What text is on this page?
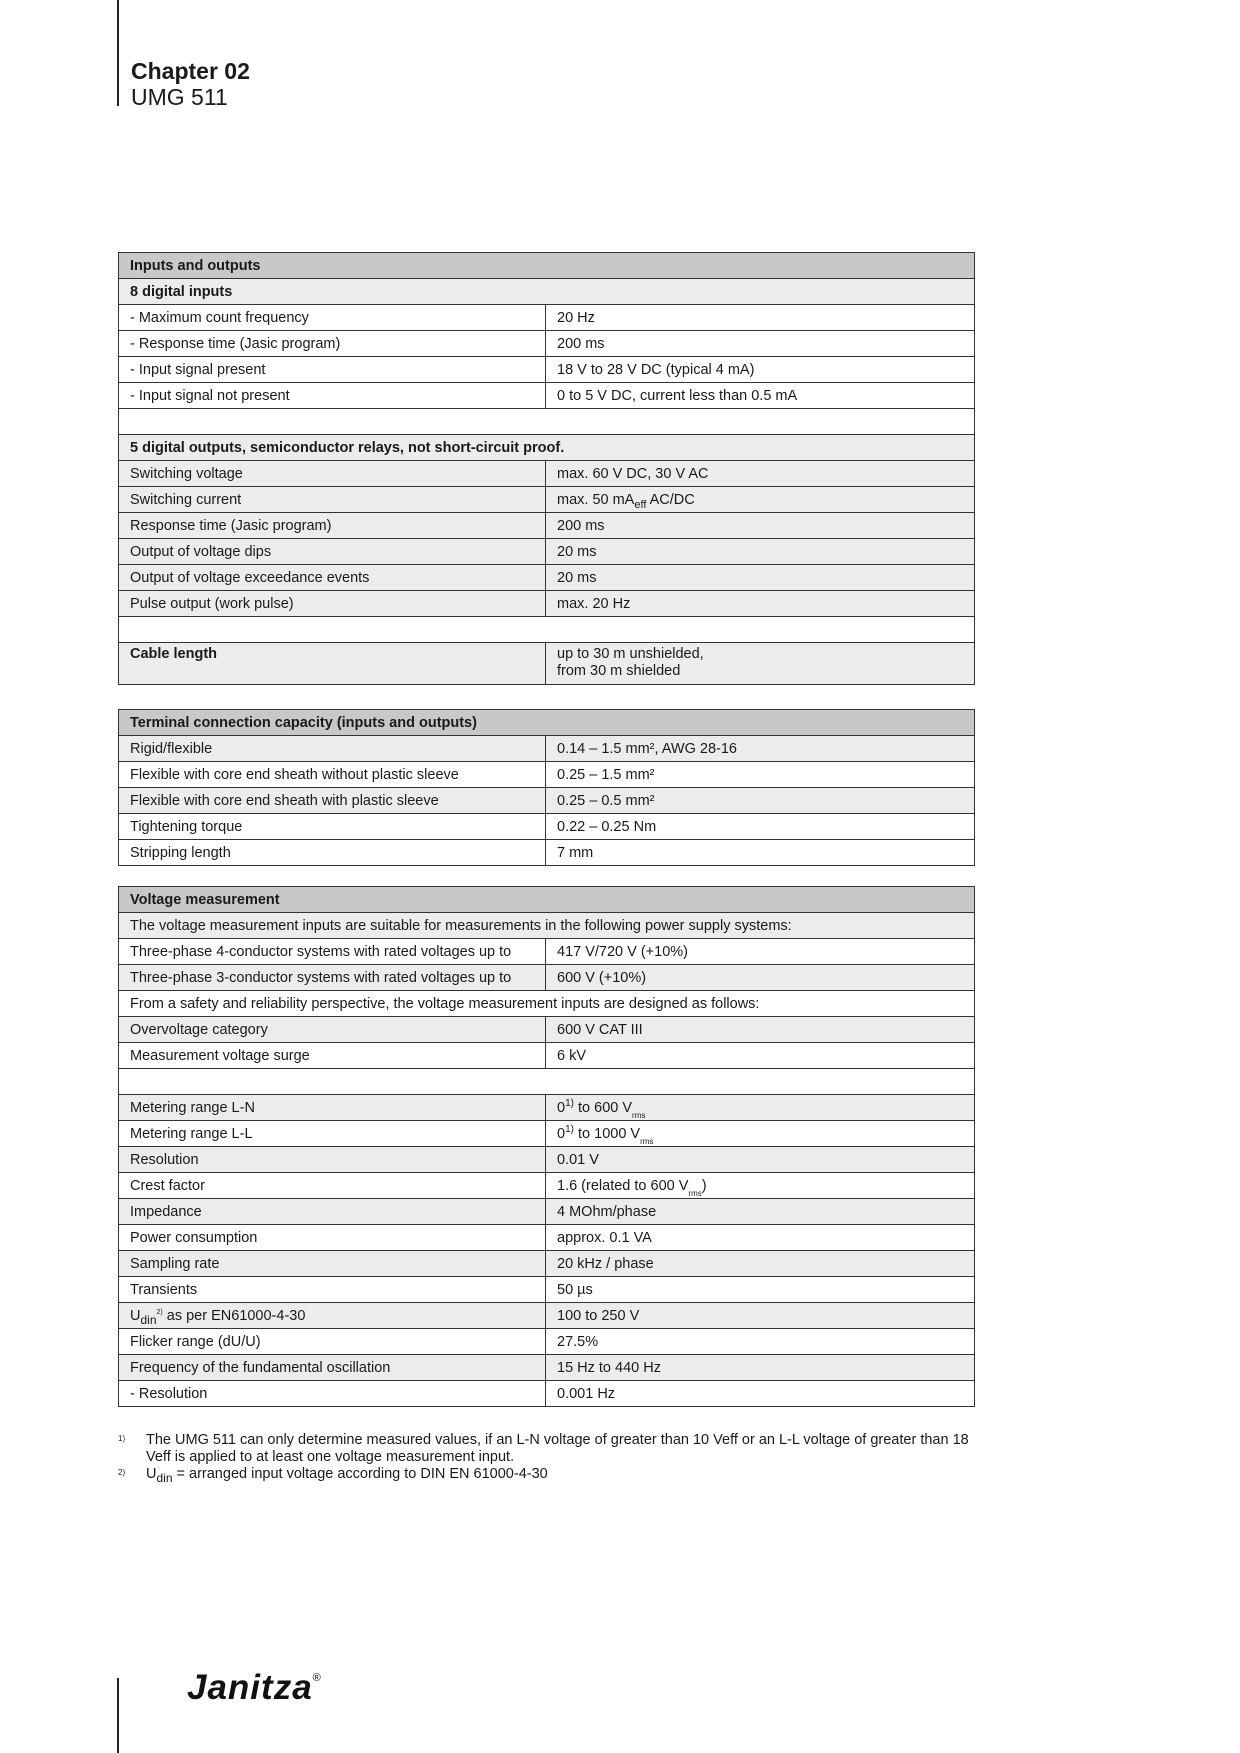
Chapter 02
UMG 511
Inputs and outputs	
8 digital inputs	
- Maximum count frequency	20 Hz
- Response time (Jasic program)	200 ms
- Input signal present	18 V to 28 V DC (typical 4 mA)
- Input signal not present	0 to 5 V DC, current less than 0.5 mA

5 digital outputs, semiconductor relays, not short-circuit proof.	
Switching voltage	max. 60 V DC, 30 V AC
Switching current	max. 50 $mA_{eff}$ AC/DC
Response time (Jasic program)	200 ms
Output of voltage dips	20 ms
Output of voltage exceedance events	20 ms
Pulse output (work pulse)	max. 20 Hz

Cable length	up to 30 m unshielded,
from 30 m shielded
Terminal connection capacity (inputs and outputs)	
Rigid/flexible	0.14 – 1.5 mm², AWG 28-16
Flexible with core end sheath without plastic sleeve	0.25 – 1.5 mm²
Flexible with core end sheath with plastic sleeve	0.25 – 0.5 mm²
Tightening torque	0.22 – 0.25 Nm
Stripping length	7 mm
Voltage measurement	
The voltage measurement inputs are suitable for measurements in the following power supply systems:	
Three-phase 4-conductor systems with rated voltages up to	417 V/720 V (+10%)
Three-phase 3-conductor systems with rated voltages up to	600 V (+10%)
From a safety and reliability perspective, the voltage measurement inputs are designed as follows:	
Overvoltage category	600 V CAT III
Measurement voltage surge	6 kV

Metering range L-N	0$^{1)}$ to 600 $V_{rms}$
Metering range L-L	0$^{1)}$ to 1000 $V_{rms}$
Resolution	0.01 V
Crest factor	1.6 (related to 600 $V_{rms}$)
Impedance	4 MOhm/phase
Power consumption	approx. 0.1 VA
Sampling rate	20 kHz / phase
Transients	50 µs
$U_{din}^{2)}$ as per EN61000-4-30	100 to 250 V
Flicker range (dU/U)	27.5%
Frequency of the fundamental oscillation	15 Hz to 440 Hz
- Resolution	0.001 Hz
1) The UMG 511 can only determine measured values, if an L-N voltage of greater than 10 Veff or an L-L voltage of greater than 18 Veff is applied to at least one voltage measurement input.
2) $U_{din}$ = arranged input voltage according to DIN EN 61000-4-30
Janitza®
